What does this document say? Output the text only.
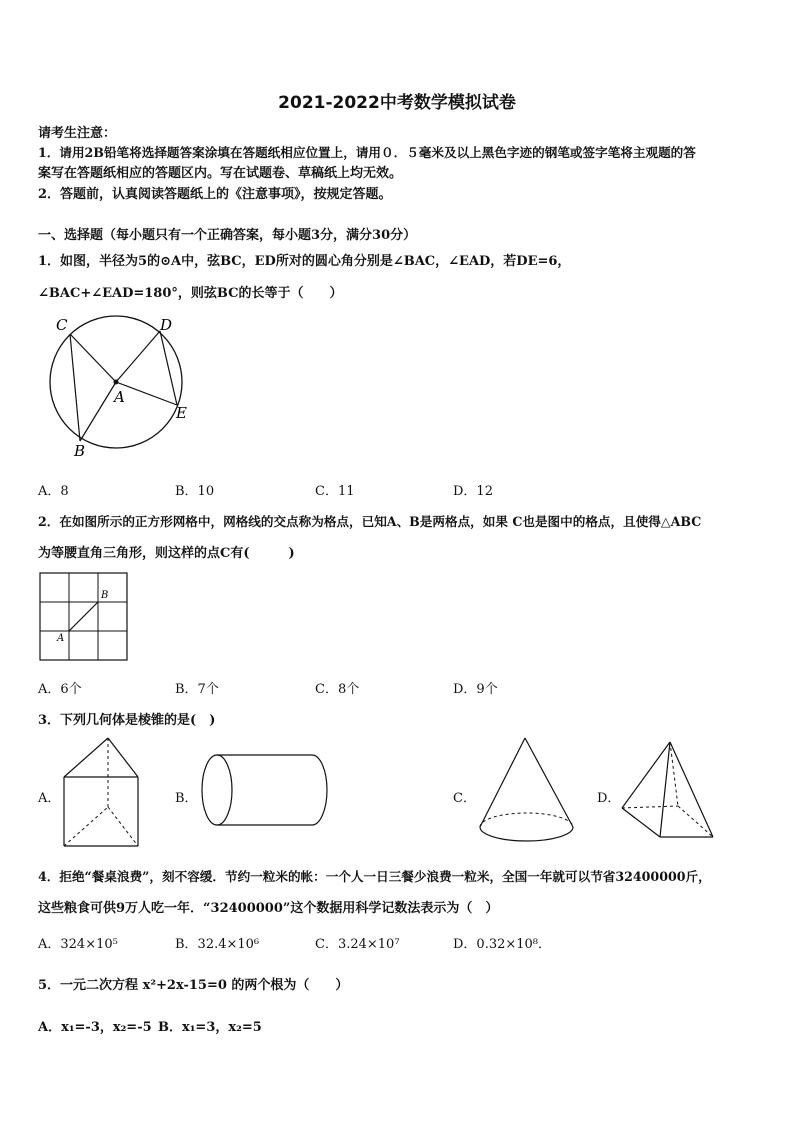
2021-2022中考数学模拟试卷
请考生注意：
1．请用2B铅笔将选择题答案涂填在答题纸相应位置上，请用０．５毫米及以上黑色字迹的钢笔或签字笔将主观题的答
案写在答题纸相应的答题区内。写在试题卷、草稿纸上均无效。
2．答题前，认真阅读答题纸上的《注意事项》，按规定答题。
一、选择题（每小题只有一个正确答案，每小题3分，满分30分）
1．如图，半径为5的⊙A中，弦BC，ED所对的圆心角分别是∠BAC，∠EAD，若DE=6，
∠BAC+∠EAD=180°，则弦BC的长等于（　　）
C	D
A
E
B
A．8	B．10	C．11	D．12
2．在如图所示的正方形网格中，网格线的交点称为格点，已知A、B是两格点，如果 C也是图中的格点，且使得△ABC
为等腰直角三角形，则这样的点C有(　　　)
B
A
A．6个	B．7个	C．8个	D．9个
3．下列几何体是棱锥的是(　)
A．	B．	C．	D．
4．拒绝“餐桌浪费”，刻不容缓．节约一粒米的帐：一个人一日三餐少浪费一粒米，全国一年就可以节省32400000斤，
这些粮食可供9万人吃一年．“32400000”这个数据用科学记数法表示为（　）
A．324×10⁵	B．32.4×10⁶	C．3.24×10⁷	D．0.32×10⁸．
5．一元二次方程 x²+2x-15=0 的两个根为（　　）
A．x₁=-3，x₂=-5 B．x₁=3，x₂=5
